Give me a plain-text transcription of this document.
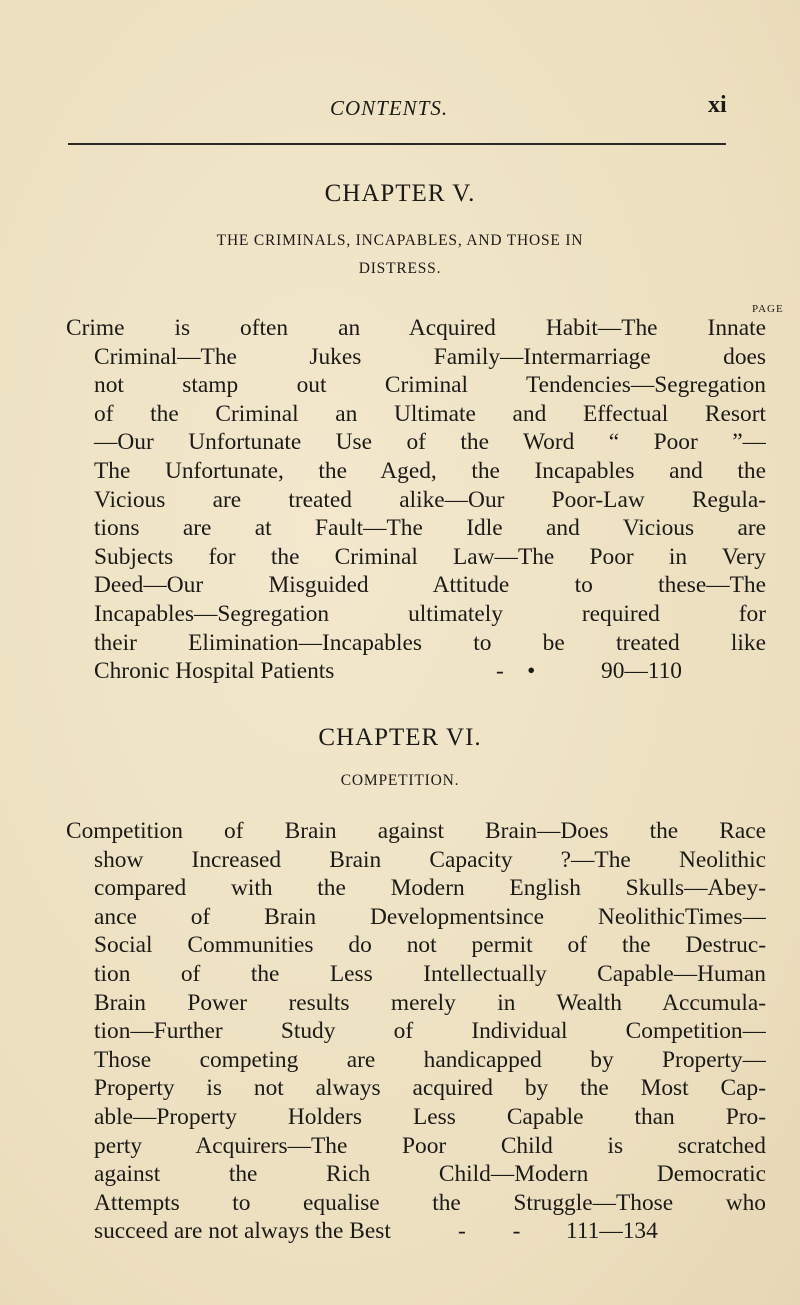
CONTENTS.	xi
CHAPTER V.
THE CRIMINALS, INCAPABLES, AND THOSE IN
DISTRESS.
PAGE
Crime is often an Acquired Habit—The Innate
Criminal—The Jukes Family—Intermarriage does
not stamp out Criminal Tendencies—Segregation
of the Criminal an Ultimate and Effectual Resort
—Our Unfortunate Use of the Word “ Poor ”—
The Unfortunate, the Aged, the Incapables and the
Vicious are treated alike—Our Poor-Law Regula-
tions are at Fault—The Idle and Vicious are
Subjects for the Criminal Law—The Poor in Very
Deed—Our Misguided Attitude to these—The
Incapables—Segregation ultimately required for
their Elimination—Incapables to be treated like
Chronic Hospital Patients	-    •	90—110
CHAPTER VI.
COMPETITION.
Competition of Brain against Brain—Does the Race
show Increased Brain Capacity ?—The Neolithic
compared with the Modern English Skulls—Abey-
ance of Brain Developmentsince NeolithicTimes—
Social Communities do not permit of the Destruc-
tion of the Less Intellectually Capable—Human
Brain Power results merely in Wealth Accumula-
tion—Further Study of Individual Competition—
Those competing are handicapped by Property—
Property is not always acquired by the Most Cap-
able—Property Holders Less Capable than Pro-
perty Acquirers—The Poor Child is scratched
against the Rich Child—Modern Democratic
Attempts to equalise the Struggle—Those who
succeed are not always the Best	-        - 111—134
